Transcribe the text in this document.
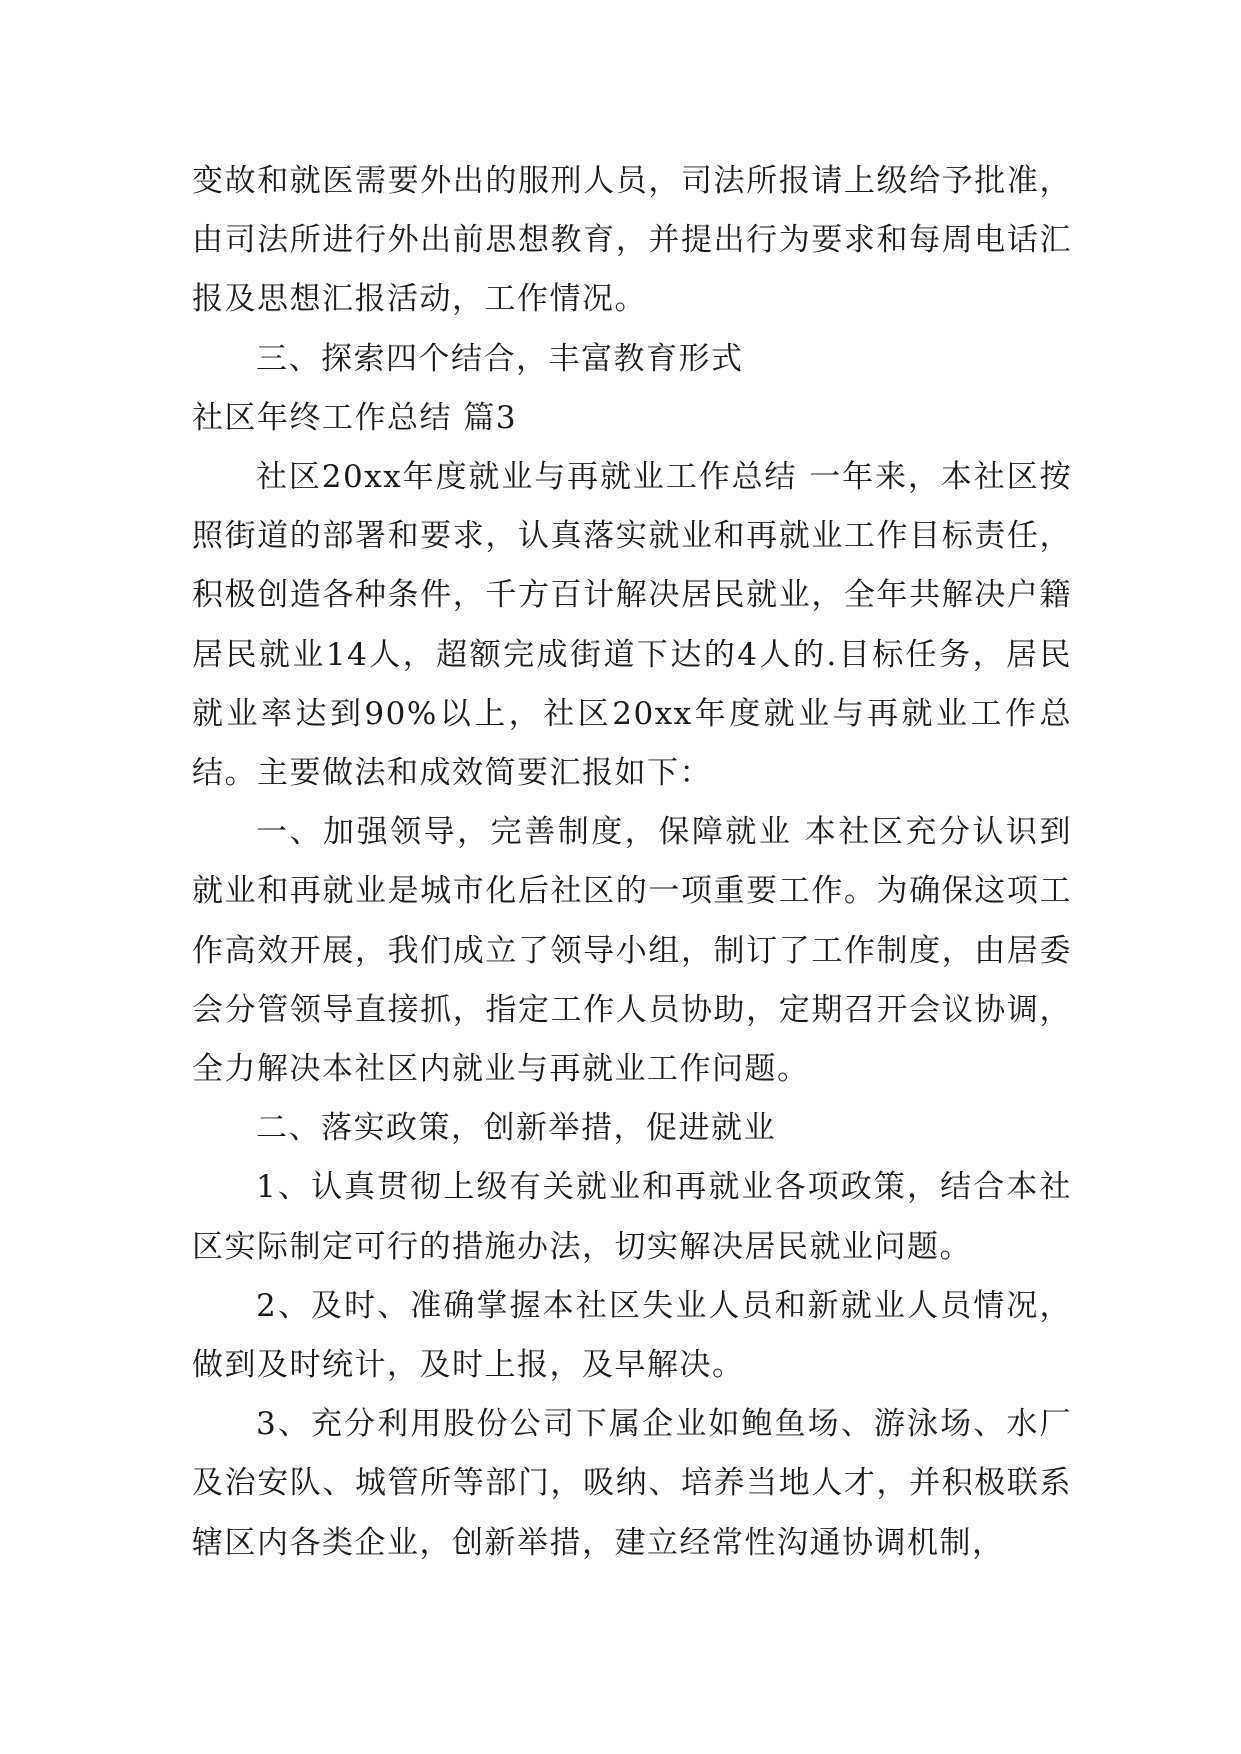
变故和就医需要外出的服刑人员，司法所报请上级给予批准，由司法所进行外出前思想教育，并提出行为要求和每周电话汇报及思想汇报活动，工作情况。

三、探索四个结合，丰富教育形式

社区年终工作总结 篇3

社区20xx年度就业与再就业工作总结 一年来，本社区按照街道的部署和要求，认真落实就业和再就业工作目标责任，积极创造各种条件，千方百计解决居民就业，全年共解决户籍居民就业14人，超额完成街道下达的4人的.目标任务，居民就业率达到90%以上，社区20xx年度就业与再就业工作总结。主要做法和成效简要汇报如下：

一、加强领导，完善制度，保障就业 本社区充分认识到就业和再就业是城市化后社区的一项重要工作。为确保这项工作高效开展，我们成立了领导小组，制订了工作制度，由居委会分管领导直接抓，指定工作人员协助，定期召开会议协调，全力解决本社区内就业与再就业工作问题。

二、落实政策，创新举措，促进就业

1、认真贯彻上级有关就业和再就业各项政策，结合本社区实际制定可行的措施办法，切实解决居民就业问题。

2、及时、准确掌握本社区失业人员和新就业人员情况，做到及时统计，及时上报，及早解决。

3、充分利用股份公司下属企业如鲍鱼场、游泳场、水厂及治安队、城管所等部门，吸纳、培养当地人才，并积极联系辖区内各类企业，创新举措，建立经常性沟通协调机制，
